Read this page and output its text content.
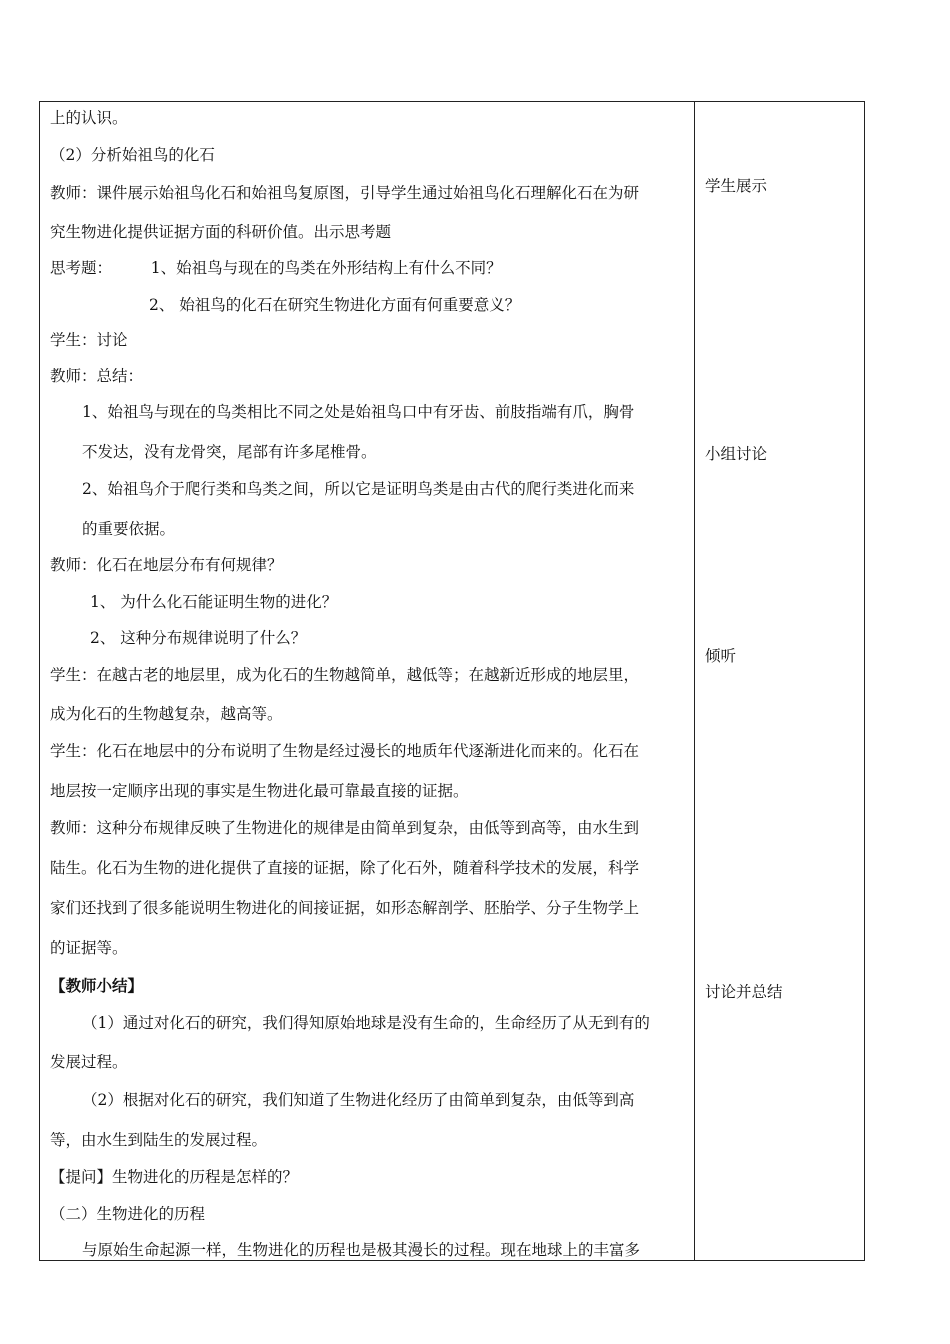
上的认识。
（2）分析始祖鸟的化石
教师：课件展示始祖鸟化石和始祖鸟复原图，引导学生通过始祖鸟化石理解化石在为研
究生物进化提供证据方面的科研价值。出示思考题
思考题：　　　1、始祖鸟与现在的鸟类在外形结构上有什么不同？
2、 始祖鸟的化石在研究生物进化方面有何重要意义？
学生：讨论
教师：总结：
1、始祖鸟与现在的鸟类相比不同之处是始祖鸟口中有牙齿、前肢指端有爪，胸骨
不发达，没有龙骨突，尾部有许多尾椎骨。
2、始祖鸟介于爬行类和鸟类之间，所以它是证明鸟类是由古代的爬行类进化而来
的重要依据。
教师：化石在地层分布有何规律？
1、 为什么化石能证明生物的进化？
2、 这种分布规律说明了什么？
学生：在越古老的地层里，成为化石的生物越简单，越低等；在越新近形成的地层里，
成为化石的生物越复杂，越高等。
学生：化石在地层中的分布说明了生物是经过漫长的地质年代逐渐进化而来的。化石在
地层按一定顺序出现的事实是生物进化最可靠最直接的证据。
教师：这种分布规律反映了生物进化的规律是由简单到复杂，由低等到高等，由水生到
陆生。化石为生物的进化提供了直接的证据，除了化石外，随着科学技术的发展，科学
家们还找到了很多能说明生物进化的间接证据，如形态解剖学、胚胎学、分子生物学上
的证据等。
【教师小结】
（1）通过对化石的研究，我们得知原始地球是没有生命的，生命经历了从无到有的
发展过程。
（2）根据对化石的研究，我们知道了生物进化经历了由简单到复杂，由低等到高
等，由水生到陆生的发展过程。
【提问】生物进化的历程是怎样的？
（二）生物进化的历程
与原始生命起源一样，生物进化的历程也是极其漫长的过程。现在地球上的丰富多
学生展示
小组讨论
倾听
讨论并总结
